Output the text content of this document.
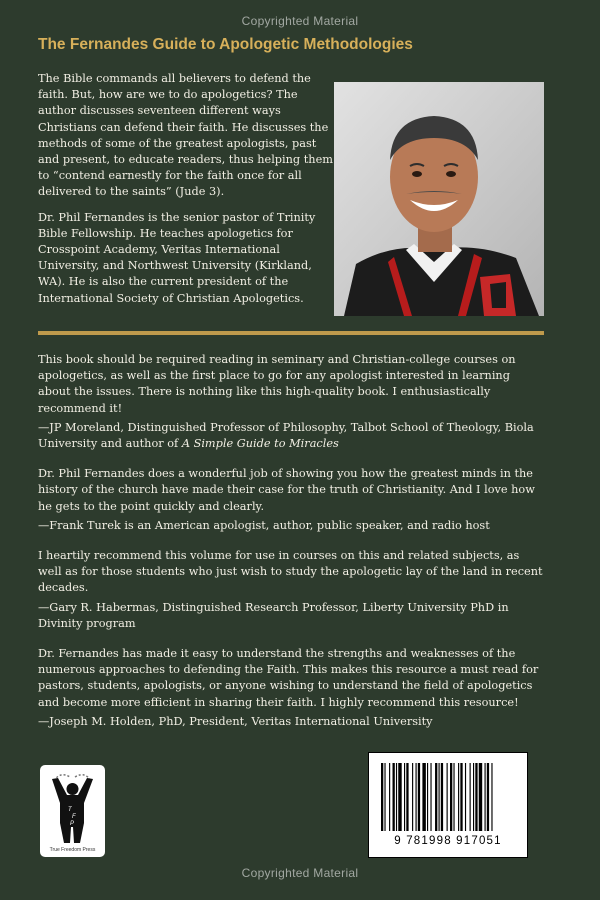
Copyrighted Material
The Fernandes Guide to Apologetic Methodologies

The Bible commands all believers to defend the faith. But, how are we to do apologetics? The author discusses seventeen different ways Christians can defend their faith. He discusses the methods of some of the greatest apologists, past and present, to educate readers, thus helping them to “contend earnestly for the faith once for all delivered to the saints” (Jude 3).

Dr. Phil Fernandes is the senior pastor of Trinity Bible Fellowship. He teaches apologetics for Crosspoint Academy, Veritas International University, and Northwest University (Kirkland, WA). He is also the current president of the International Society of Christian Apologetics.

This book should be required reading in seminary and Christian-college courses on apologetics, as well as the first place to go for any apologist interested in learning about the issues. There is nothing like this high-quality book. I enthusiastically recommend it!

—JP Moreland, Distinguished Professor of Philosophy, Talbot School of Theology, Biola University and author of A Simple Guide to Miracles

Dr. Phil Fernandes does a wonderful job of showing you how the greatest minds in the history of the church have made their case for the truth of Christianity. And I love how he gets to the point quickly and clearly.

—Frank Turek is an American apologist, author, public speaker, and radio host

I heartily recommend this volume for use in courses on this and related subjects, as well as for those students who just wish to study the apologetic lay of the land in recent decades.

—Gary R. Habermas, Distinguished Research Professor, Liberty University PhD in Divinity program

Dr. Fernandes has made it easy to understand the strengths and weaknesses of the numerous approaches to defending the Faith. This makes this resource a must read for pastors, students, apologists, or anyone wishing to understand the field of apologetics and become more efficient in sharing their faith. I highly recommend this resource!

—Joseph M. Holden, PhD, President, Veritas International University

T
F
P
True Freedom Press
9 781998 917051
Copyrighted Material
